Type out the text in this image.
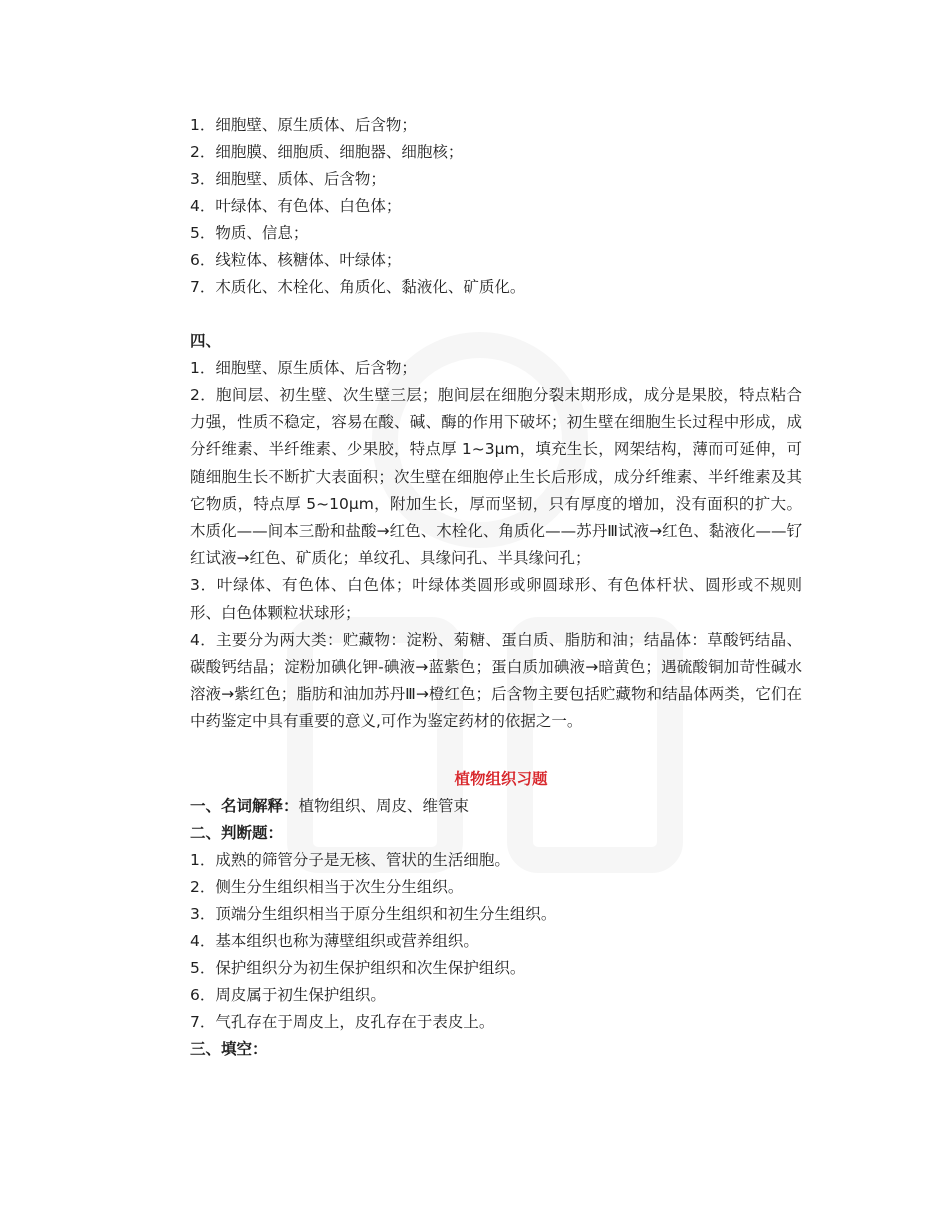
1．细胞壁、原生质体、后含物；
2．细胞膜、细胞质、细胞器、细胞核；
3．细胞壁、质体、后含物；
4．叶绿体、有色体、白色体；
5．物质、信息；
6．线粒体、核糖体、叶绿体；
7．木质化、木栓化、角质化、黏液化、矿质化。
四、
1．细胞壁、原生质体、后含物；
2．胞间层、初生壁、次生壁三层；胞间层在细胞分裂末期形成，成分是果胶，特点粘合力强，性质不稳定，容易在酸、碱、酶的作用下破坏；初生壁在细胞生长过程中形成，成分纤维素、半纤维素、少果胶，特点厚 1~3μm，填充生长，网架结构，薄而可延伸，可随细胞生长不断扩大表面积；次生壁在细胞停止生长后形成，成分纤维素、半纤维素及其它物质，特点厚 5~10μm，附加生长，厚而坚韧，只有厚度的增加，没有面积的扩大。木质化——间本三酚和盐酸→红色、木栓化、角质化——苏丹Ⅲ试液→红色、黏液化——钌红试液→红色、矿质化；单纹孔、具缘问孔、半具缘问孔；
3．叶绿体、有色体、白色体；叶绿体类圆形或卵圆球形、有色体杆状、圆形或不规则形、白色体颗粒状球形；
4．主要分为两大类：贮藏物：淀粉、菊糖、蛋白质、脂肪和油；结晶体：草酸钙结晶、碳酸钙结晶；淀粉加碘化钾-碘液→蓝紫色；蛋白质加碘液→暗黄色；遇硫酸铜加苛性碱水溶液→紫红色；脂肪和油加苏丹Ⅲ→橙红色；后含物主要包括贮藏物和结晶体两类，它们在中药鉴定中具有重要的意义,可作为鉴定药材的依据之一。
植物组织习题
一、名词解释：植物组织、周皮、维管束
二、判断题：
1．成熟的筛管分子是无核、管状的生活细胞。
2．侧生分生组织相当于次生分生组织。
3．顶端分生组织相当于原分生组织和初生分生组织。
4．基本组织也称为薄壁组织或营养组织。
5．保护组织分为初生保护组织和次生保护组织。
6．周皮属于初生保护组织。
7．气孔存在于周皮上，皮孔存在于表皮上。
三、填空：
